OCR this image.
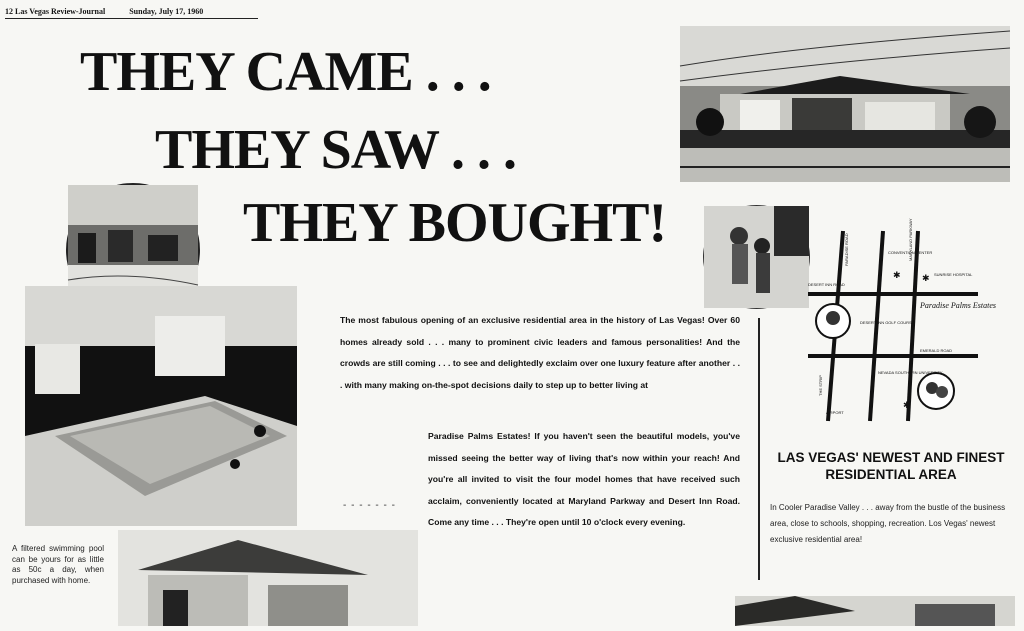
12 Las Vegas Review-Journal	Sunday, July 17, 1960
THEY CAME . . .
THEY SAW . . .
THEY BOUGHT!
✱ ✱
✱
CONVENTION CENTER
MARYLAND PARKWAY
SUNRISE HOSPITAL
DESERT INN ROAD
DESERT INN GOLF COURSE
Paradise Palms Estates
PARADISE ROAD
EMERALD ROAD
NEVADA SOUTHERN UNIVERSITY
THE STRIP
AIRPORT

The most fabulous opening of an exclusive residential area in the history of Las Vegas! Over 60 homes already sold . . . many to prominent civic leaders and famous personalities! And the crowds are still coming . . . to see and delightedly exclaim over one luxury feature after another . . . with many making on-the-spot decisions daily to step up to better living at

Paradise Palms Estates! If you haven't seen the beautiful models, you've missed seeing the better way of living that's now within your reach! And you're all invited to visit the four model homes that have received such acclaim, conveniently located at Maryland Parkway and Desert Inn Road. Come any time . . . They're open until 10 o'clock every evening.

- - - - - - -
A filtered swimming pool can be yours for as little as 50c a day, when purchased with home.
LAS VEGAS' NEWEST AND FINEST RESIDENTIAL AREA
In Cooler Paradise Valley . . . away from the bustle of the business area, close to schools, shopping, recreation. Los Vegas' newest exclusive residential area!
